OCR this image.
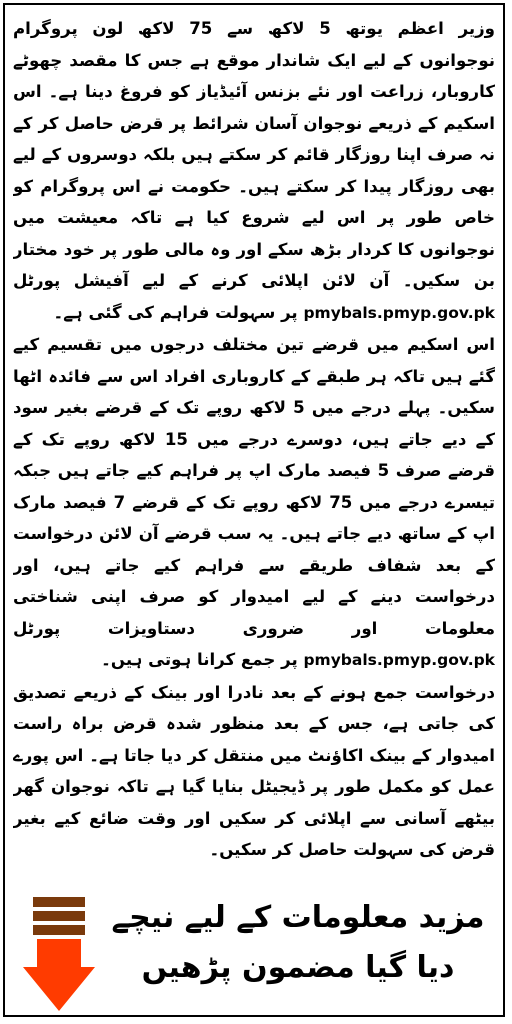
وزیر اعظم یوتھ 5 لاکھ سے 75 لاکھ لون پروگرام نوجوانوں کے لیے ایک شاندار موقع ہے جس کا مقصد چھوٹے کاروبار، زراعت اور نئے بزنس آئیڈیاز کو فروغ دینا ہے۔ اس اسکیم کے ذریعے نوجوان آسان شرائط پر قرض حاصل کر کے نہ صرف اپنا روزگار قائم کر سکتے ہیں بلکہ دوسروں کے لیے بھی روزگار پیدا کر سکتے ہیں۔ حکومت نے اس پروگرام کو خاص طور پر اس لیے شروع کیا ہے تاکہ معیشت میں نوجوانوں کا کردار بڑھ سکے اور وہ مالی طور پر خود مختار بن سکیں۔ آن لائن اپلائی کرنے کے لیے آفیشل پورٹل pmybals.pmyp.gov.pk پر سہولت فراہم کی گئی ہے۔

اس اسکیم میں قرضے تین مختلف درجوں میں تقسیم کیے گئے ہیں تاکہ ہر طبقے کے کاروباری افراد اس سے فائدہ اٹھا سکیں۔ پہلے درجے میں 5 لاکھ روپے تک کے قرضے بغیر سود کے دیے جاتے ہیں، دوسرے درجے میں 15 لاکھ روپے تک کے قرضے صرف 5 فیصد مارک اپ پر فراہم کیے جاتے ہیں جبکہ تیسرے درجے میں 75 لاکھ روپے تک کے قرضے 7 فیصد مارک اپ کے ساتھ دیے جاتے ہیں۔ یہ سب قرضے آن لائن درخواست کے بعد شفاف طریقے سے فراہم کیے جاتے ہیں، اور درخواست دینے کے لیے امیدوار کو صرف اپنی شناختی معلومات اور ضروری دستاویزات پورٹل pmybals.pmyp.gov.pk پر جمع کرانا ہوتی ہیں۔

درخواست جمع ہونے کے بعد نادرا اور بینک کے ذریعے تصدیق کی جاتی ہے، جس کے بعد منظور شدہ قرض براہ راست امیدوار کے بینک اکاؤنٹ میں منتقل کر دیا جاتا ہے۔ اس پورے عمل کو مکمل طور پر ڈیجیٹل بنایا گیا ہے تاکہ نوجوان گھر بیٹھے آسانی سے اپلائی کر سکیں اور وقت ضائع کیے بغیر قرض کی سہولت حاصل کر سکیں۔

مزید معلومات کے لیے نیچے
دیا گیا مضمون پڑھیں
